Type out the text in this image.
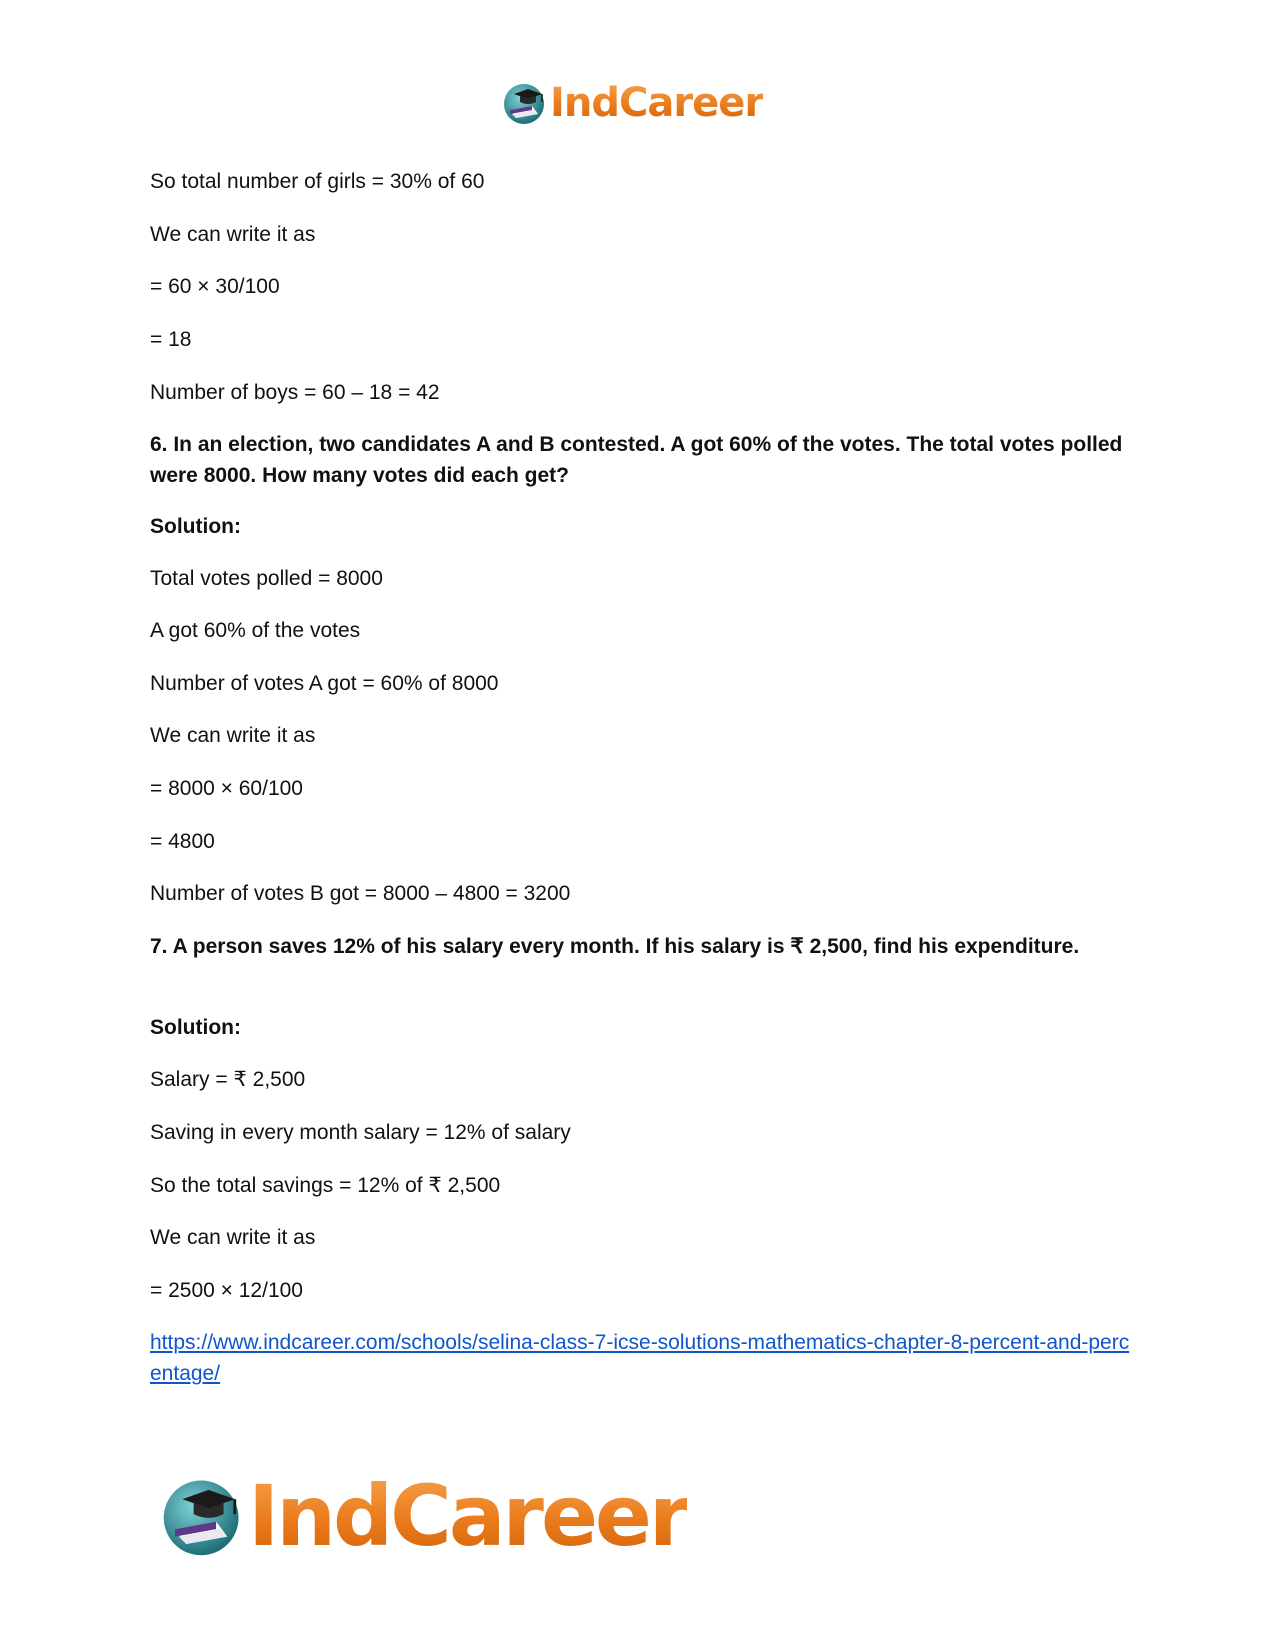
IndCareer
So total number of girls = 30% of 60
We can write it as
= 60 × 30/100
= 18
Number of boys = 60 – 18 = 42
6. In an election, two candidates A and B contested. A got 60% of the votes. The total votes polled were 8000. How many votes did each get?
Solution:
Total votes polled = 8000
A got 60% of the votes
Number of votes A got = 60% of 8000
We can write it as
= 8000 × 60/100
= 4800
Number of votes B got = 8000 – 4800 = 3200
7. A person saves 12% of his salary every month. If his salary is ₹ 2,500, find his expenditure.
Solution:
Salary = ₹ 2,500
Saving in every month salary = 12% of salary
So the total savings = 12% of ₹ 2,500
We can write it as
= 2500 × 12/100
https://www.indcareer.com/schools/selina-class-7-icse-solutions-mathematics-chapter-8-percent-and-percentage/
IndCareer
